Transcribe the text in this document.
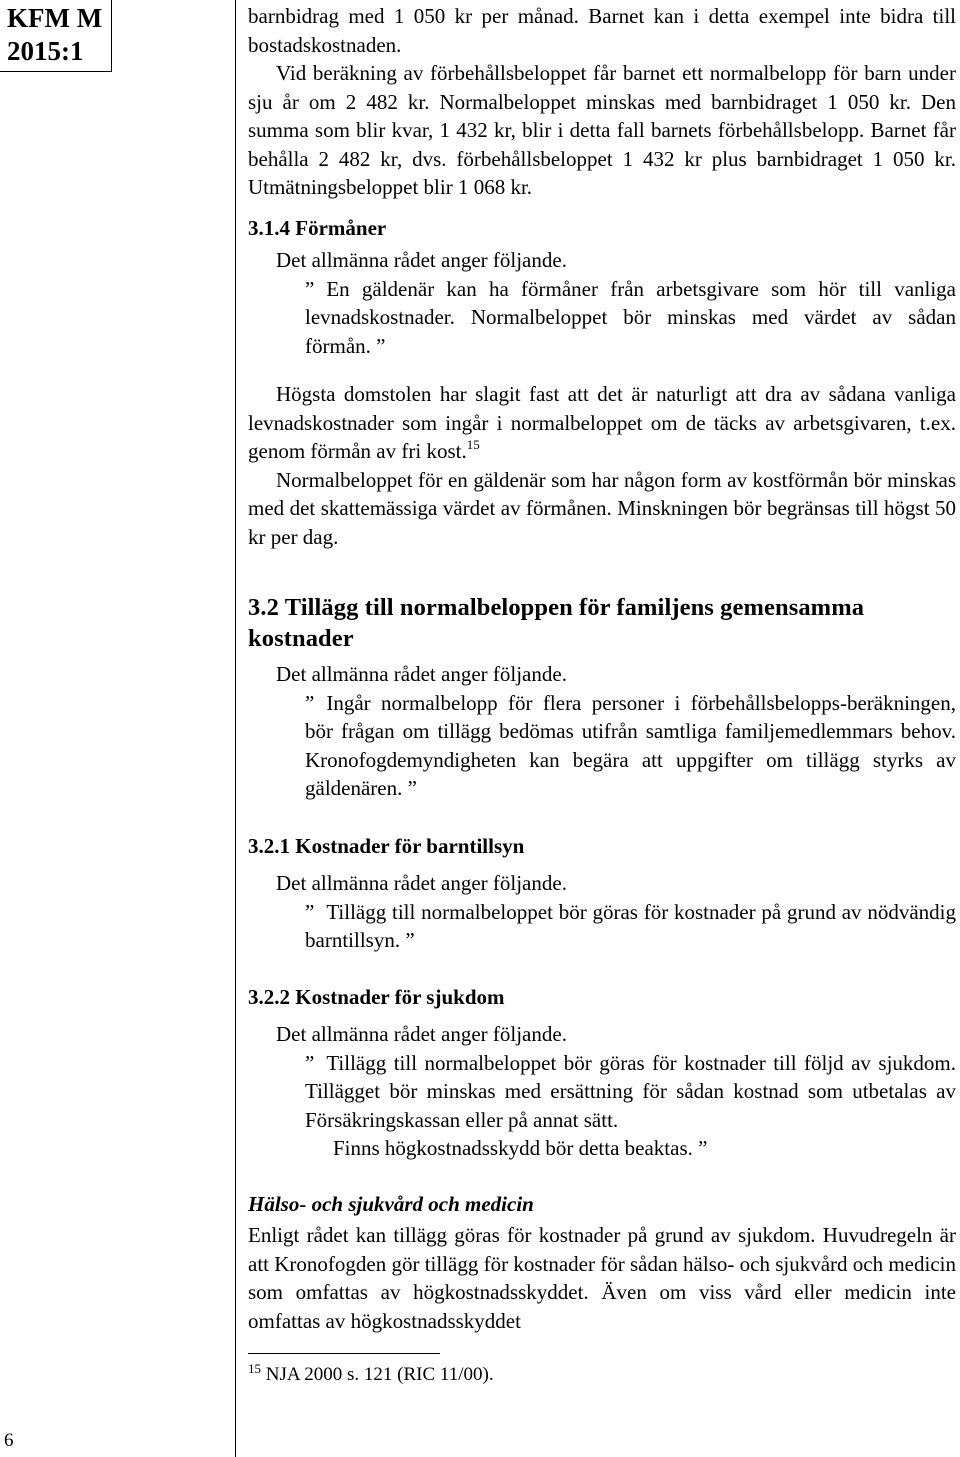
KFM M
2015:1
6

barnbidrag med 1 050 kr per månad. Barnet kan i detta exempel inte bidra till bostadskostnaden.

Vid beräkning av förbehållsbeloppet får barnet ett normalbelopp för barn under sju år om 2 482 kr. Normalbeloppet minskas med barnbidraget 1 050 kr. Den summa som blir kvar, 1 432 kr, blir i detta fall barnets förbehållsbelopp. Barnet får behålla 2 482 kr, dvs. förbehållsbeloppet 1 432 kr plus barnbidraget 1 050 kr. Utmätningsbeloppet blir 1 068 kr.

3.1.4 Förmåner

Det allmänna rådet anger följande.

” En gäldenär kan ha förmåner från arbetsgivare som hör till vanliga levnadskostnader. Normalbeloppet bör minskas med värdet av sådan förmån. ”

Högsta domstolen har slagit fast att det är naturligt att dra av sådana vanliga levnadskostnader som ingår i normalbeloppet om de täcks av arbetsgivaren, t.ex. genom förmån av fri kost.$^{15}$

Normalbeloppet för en gäldenär som har någon form av kostförmån bör minskas med det skattemässiga värdet av förmånen. Minskningen bör begränsas till högst 50 kr per dag.

3.2 Tillägg till normalbeloppen för familjens gemensamma kostnader

Det allmänna rådet anger följande.

” Ingår normalbelopp för flera personer i förbehållsbelopps-beräkningen, bör frågan om tillägg bedömas utifrån samtliga familjemedlemmars behov. Kronofogdemyndigheten kan begära att uppgifter om tillägg styrks av gäldenären. ”

3.2.1 Kostnader för barntillsyn

Det allmänna rådet anger följande.

” Tillägg till normalbeloppet bör göras för kostnader på grund av nödvändig barntillsyn. ”

3.2.2 Kostnader för sjukdom

Det allmänna rådet anger följande.

” Tillägg till normalbeloppet bör göras för kostnader till följd av sjukdom. Tillägget bör minskas med ersättning för sådan kostnad som utbetalas av Försäkringskassan eller på annat sätt.

Finns högkostnadsskydd bör detta beaktas. ”

Hälso- och sjukvård och medicin

Enligt rådet kan tillägg göras för kostnader på grund av sjukdom. Huvudregeln är att Kronofogden gör tillägg för kostnader för sådan hälso- och sjukvård och medicin som omfattas av högkostnadsskyddet. Även om viss vård eller medicin inte omfattas av högkostnadsskyddet

$^{15}$ NJA 2000 s. 121 (RIC 11/00).
